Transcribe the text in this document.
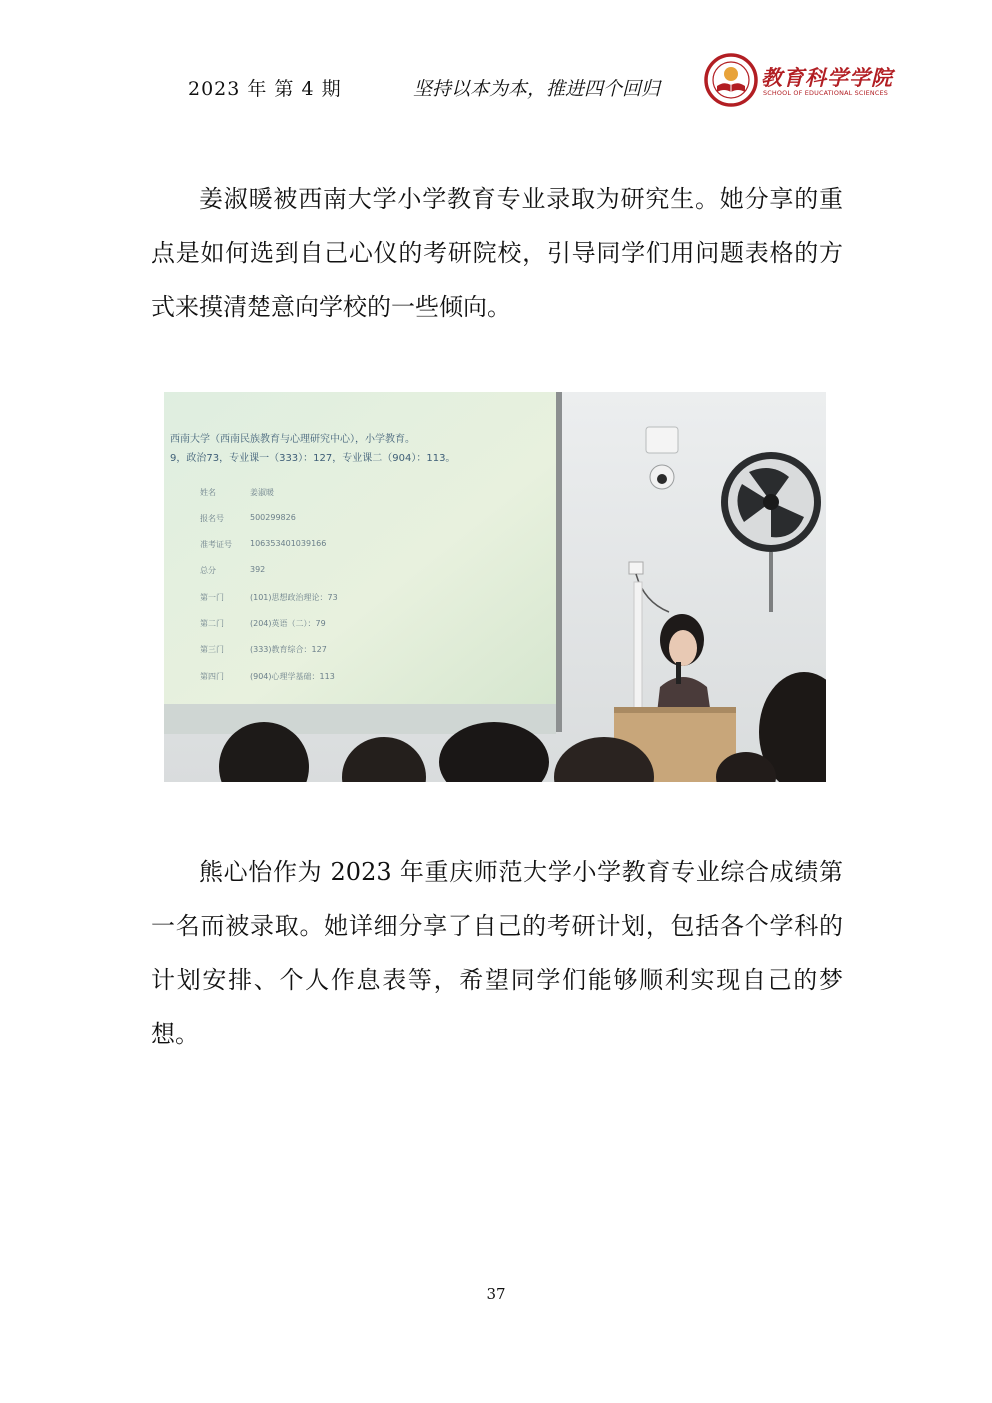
2023 年 第 4 期	坚持以本为本，推进四个回归	教育科学学院
SCHOOL OF EDUCATIONAL SCIENCES

姜淑暖被西南大学小学教育专业录取为研究生。她分享的重点是如何选到自己心仪的考研院校，引导同学们用问题表格的方式来摸清楚意向学校的一些倾向。

西南大学（西南民族教育与心理研究中心），小学教育。
9，政治73，专业课一（333）：127，专业课二（904）：113。
姓名	姜淑暖
报名号	500299826
准考证号 106353401039166
总分	392
第一门	(101)思想政治理论：73
第二门	(204)英语（二）：79
第三门	(333)教育综合：127
第四门	(904)心理学基础：113

熊心怡作为 2023 年重庆师范大学小学教育专业综合成绩第一名而被录取。她详细分享了自己的考研计划，包括各个学科的计划安排、个人作息表等，希望同学们能够顺利实现自己的梦想。

37
